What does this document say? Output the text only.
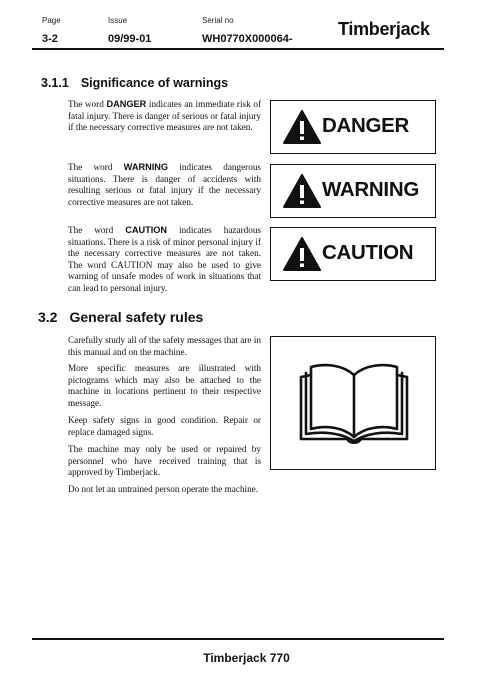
Page	Issue	Serial no
3-2	09/99-01	WH0770X000064-	Timberjack
3.1.1 Significance of warnings
The word DANGER indicates an immediate risk of fatal injury. There is danger of serious or fatal injury if the necessary corrective measures are not taken.
The word WARNING indicates dangerous situations. There is danger of accidents with resulting serious or fatal injury if the necessary corrective measures are not taken.
The word CAUTION indicates hazardous situations. There is a risk of minor personal injury if the necessary corrective measures are not taken. The word CAUTION may also be used to give warning of unsafe modes of work in situations that can lead to personal injury.
DANGER
WARNING
CAUTION
3.2 General safety rules
Carefully study all of the safety messages that are in this manual and on the machine.
More specific measures are illustrated with pictograms which may also be attached to the machine in locations pertinent to their respective message.
Keep safety signs in good condition. Repair or replace damaged signs.
The machine may only be used or repaired by personnel who have received training that is approved by Timberjack.
Do not let an untrained person operate the machine.
Timberjack 770
